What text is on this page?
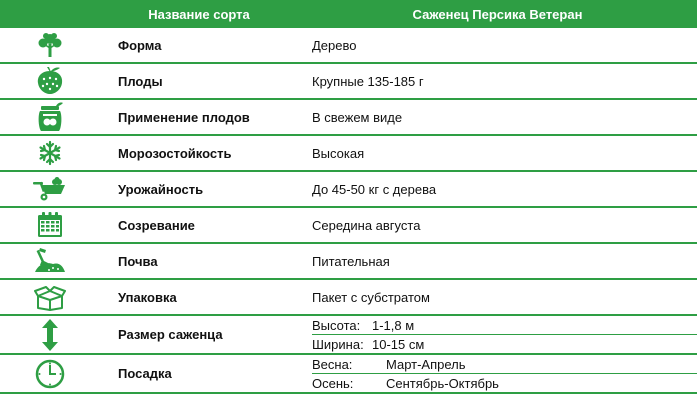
	Название сорта	Саженец Персика Ветеран

	Форма	Дерево

	Плоды	Крупные 135-185 г

	Применение плодов	В свежем виде

	Морозостойкость	Высокая

	Урожайность	До 45-50 кг с дерева

	Созревание	Середина августа

	Почва	Питательная

	Упаковка	Пакет с субстратом

	Размер саженца	Высота: 1-1,8 м
Ширина: 10-15 см

	Посадка	Весна: Март-Апрель
Осень: Сентябрь-Октябрь
